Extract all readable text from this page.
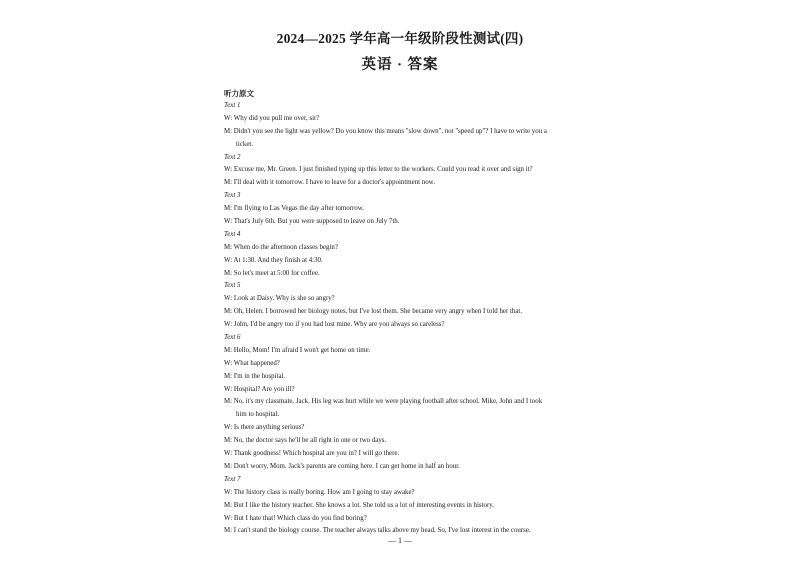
2024—2025 学年高一年级阶段性测试(四)
英语 · 答案
听力原文
Text 1
W: Why did you pull me over, sir?
M: Didn't you see the light was yellow? Do you know this means "slow down", not "speed up"? I have to write you a
ticket.
Text 2
W: Excuse me, Mr. Green. I just finished typing up this letter to the workers. Could you read it over and sign it?
M: I'll deal with it tomorrow. I have to leave for a doctor's appointment now.
Text 3
M: I'm flying to Las Vegas the day after tomorrow.
W: That's July 6th. But you were supposed to leave on July 7th.
Text 4
M: When do the afternoon classes begin?
W: At 1:30. And they finish at 4:30.
M: So let's meet at 5:00 for coffee.
Text 5
W: Look at Daisy. Why is she so angry?
M: Oh, Helen. I borrowed her biology notes, but I've lost them. She became very angry when I told her that.
W: John, I'd be angry too if you had lost mine. Why are you always so careless?
Text 6
M: Hello, Mom! I'm afraid I won't get home on time.
W: What happened?
M: I'm in the hospital.
W: Hospital? Are you ill?
M: No, it's my classmate, Jack. His leg was hurt while we were playing football after school. Mike, John and I took
him to hospital.
W: Is there anything serious?
M: No, the doctor says he'll be all right in one or two days.
W: Thank goodness! Which hospital are you in? I will go there.
M: Don't worry, Mom. Jack's parents are coming here. I can get home in half an hour.
Text 7
W: The history class is really boring. How am I going to stay awake?
M: But I like the history teacher. She knows a lot. She told us a lot of interesting events in history.
W: But I hate that! Which class do you find boring?
M: I can't stand the biology course. The teacher always talks above my head. So, I've lost interest in the course.
— 1 —
